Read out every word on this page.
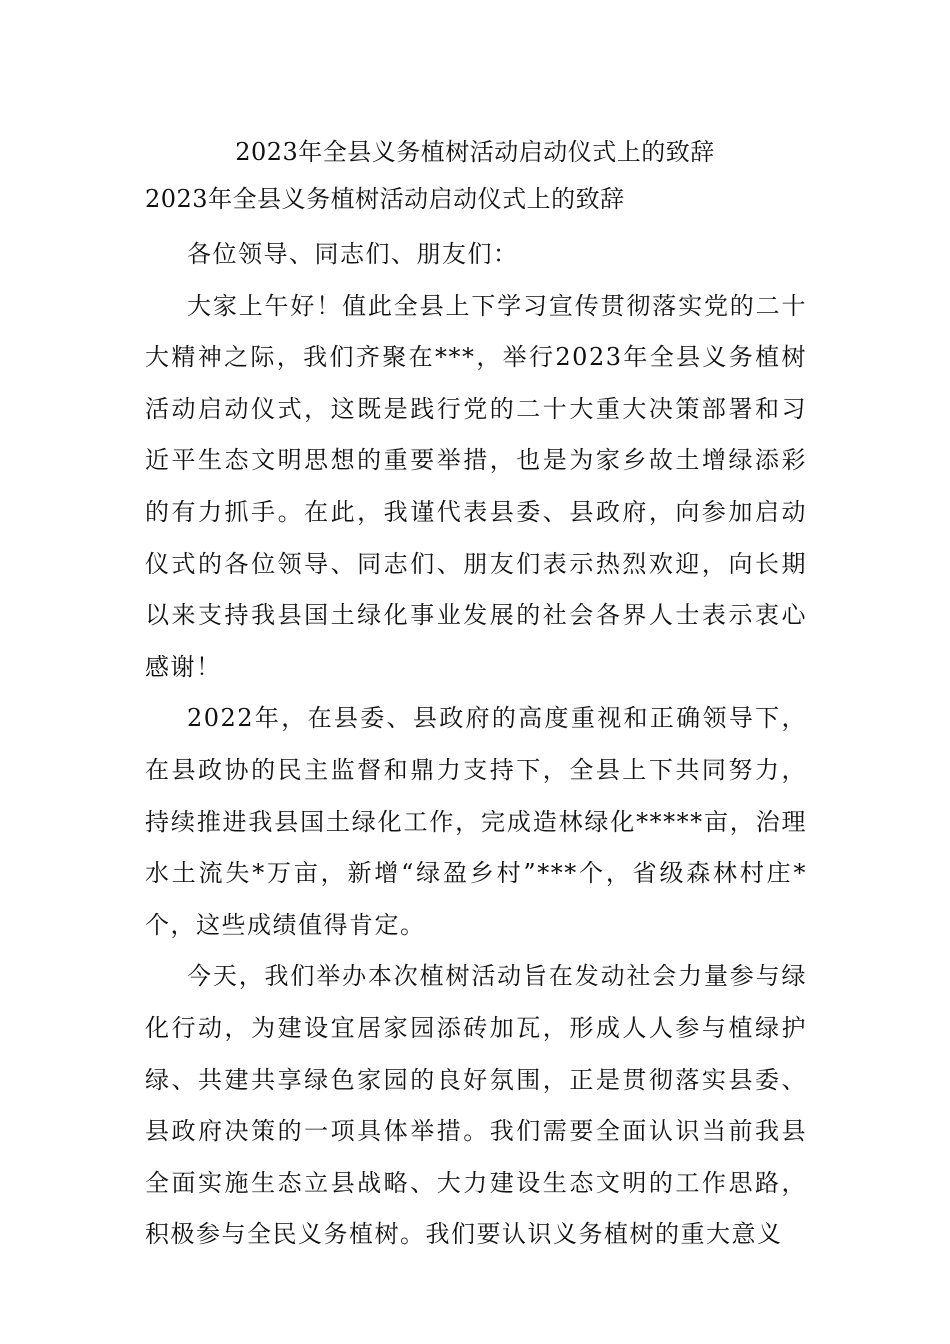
2023年全县义务植树活动启动仪式上的致辞
2023年全县义务植树活动启动仪式上的致辞

各位领导、同志们、朋友们：

大家上午好！值此全县上下学习宣传贯彻落实党的二十大精神之际，我们齐聚在***，举行2023年全县义务植树活动启动仪式，这既是践行党的二十大重大决策部署和习近平生态文明思想的重要举措，也是为家乡故土增绿添彩的有力抓手。在此，我谨代表县委、县政府，向参加启动仪式的各位领导、同志们、朋友们表示热烈欢迎，向长期以来支持我县国土绿化事业发展的社会各界人士表示衷心感谢！

2022年，在县委、县政府的高度重视和正确领导下，在县政协的民主监督和鼎力支持下，全县上下共同努力，持续推进我县国土绿化工作，完成造林绿化*****亩，治理水土流失*万亩，新增“绿盈乡村”***个，省级森林村庄*个，这些成绩值得肯定。

今天，我们举办本次植树活动旨在发动社会力量参与绿化行动，为建设宜居家园添砖加瓦，形成人人参与植绿护绿、共建共享绿色家园的良好氛围，正是贯彻落实县委、县政府决策的一项具体举措。我们需要全面认识当前我县全面实施生态立县战略、大力建设生态文明的工作思路，积极参与全民义务植树。我们要认识义务植树的重大意义
